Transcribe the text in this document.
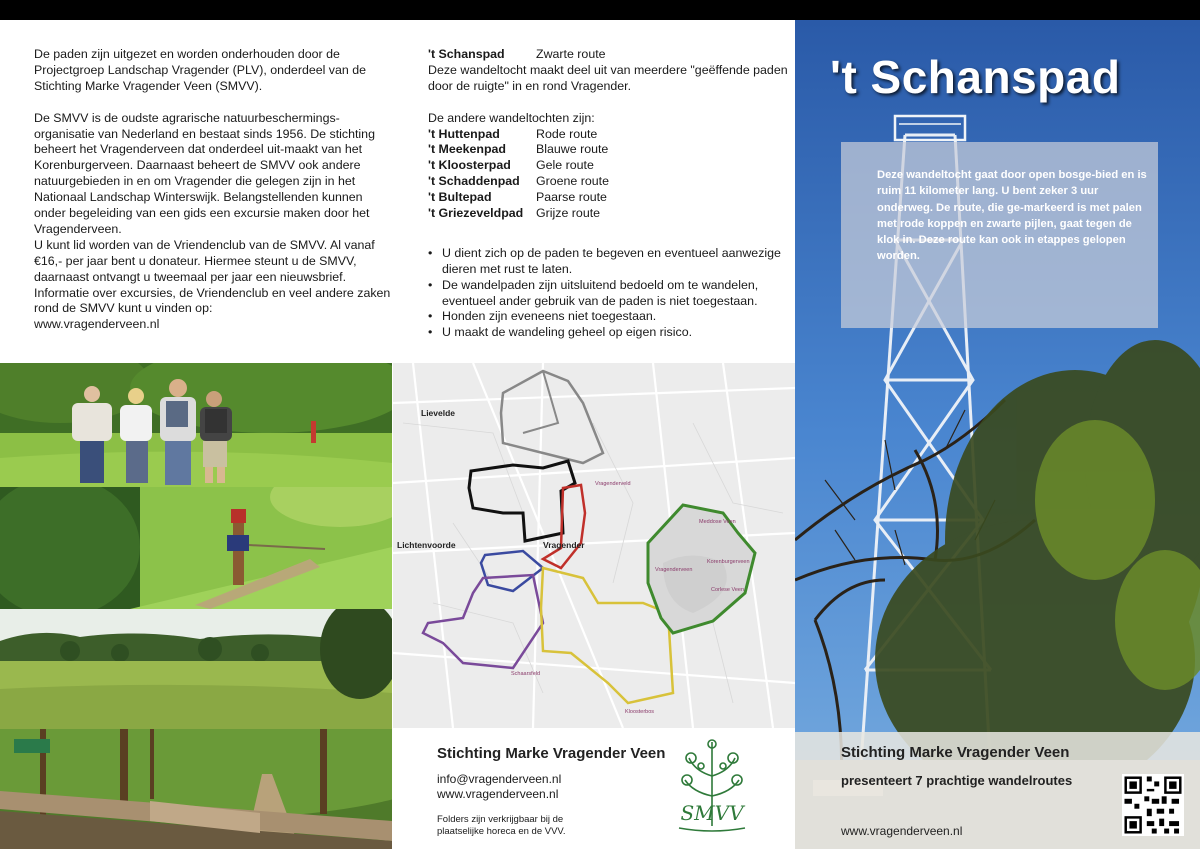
De paden zijn uitgezet en worden onderhouden door de Projectgroep Landschap Vragender (PLV), onderdeel van de Stichting Marke Vragender Veen (SMVV).

De SMVV is de oudste agrarische natuurbeschermings-organisatie van Nederland en bestaat sinds 1956. De stichting beheert het Vragenderveen dat onderdeel uit-maakt van het Korenburgerveen. Daarnaast beheert de SMVV ook andere natuurgebieden in en om Vragender die gelegen zijn in het Nationaal Landschap Winterswijk. Belangstellenden kunnen onder begeleiding van een gids een excursie maken door het Vragenderveen.

U kunt lid worden van de Vriendenclub van de SMVV. Al vanaf €16,- per jaar bent u donateur. Hiermee steunt u de SMVV, daarnaast ontvangt u tweemaal per jaar een nieuwsbrief.

Informatie over excursies, de Vriendenclub en veel andere zaken rond de SMVV kunt u vinden op:

www.vragenderveen.nl

't Schanspad	Zwarte route
Deze wandeltocht maakt deel uit van meerdere "geëffende paden door de ruigte" in en rond Vragender.
De andere wandeltochten zijn:
't Huttenpad	Rode route
't Meekenpad	Blauwe route
't Kloosterpad	Gele route
't Schaddenpad	Groene route
't Bultepad	Paarse route
't Griezeveldpad	Grijze route
• U dient zich op de paden te begeven en eventueel aanwezige dieren met rust te laten.
• De wandelpaden zijn uitsluitend bedoeld om te wandelen, eventueel ander gebruik van de paden is niet toegestaan.
• Honden zijn eveneens niet toegestaan.
• U maakt de wandeling geheel op eigen risico.
Lievelde
Lichtenvoorde	Vragender
Vragenderveld
Meddose Veen
Vragenderveen
Korenburgerveen
Corlese Veen
Kloosterbos
Schaarsfeld
Stichting Marke Vragender Veen
info@vragenderveen.nl
www.vragenderveen.nl
Folders zijn verkrijgbaar bij de plaatselijke horeca en de VVV.
SMVV
't Schanspad

Deze wandeltocht gaat door open bosge-bied en is ruim 11 kilometer lang. U bent zeker 3 uur onderweg. De route, die ge-markeerd is met palen met rode koppen en zwarte pijlen, gaat tegen de klok in. Deze route kan ook in etappes gelopen worden.

Stichting Marke Vragender Veen
presenteert 7 prachtige wandelroutes
www.vragenderveen.nl
